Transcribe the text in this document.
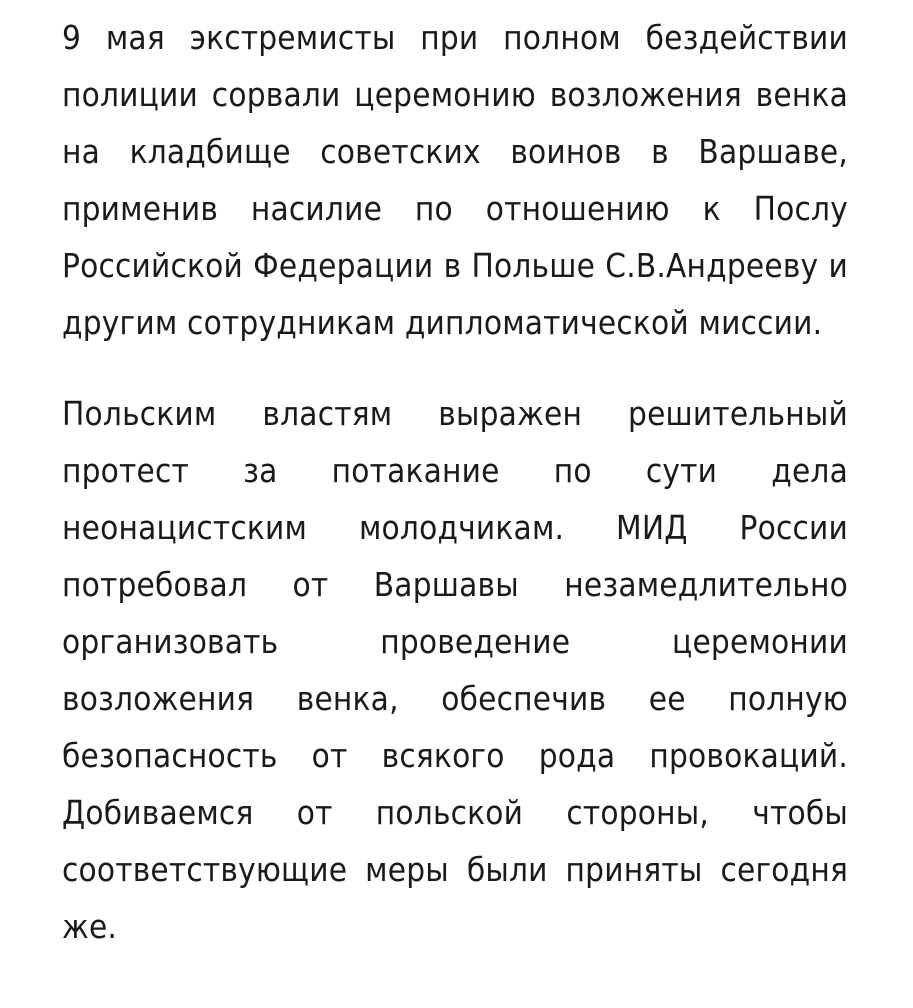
9 мая экстремисты при полном бездействии полиции сорвали церемонию возложения венка на кладбище советских воинов в Варшаве, применив насилие по отношению к Послу Российской Федерации в Польше С.В.Андрееву и другим сотрудникам дипломатической миссии.

Польским властям выражен решительный протест за потакание по сути дела неонацистским молодчикам. МИД России потребовал от Варшавы незамедлительно организовать проведение церемонии возложения венка, обеспечив ее полную безопасность от всякого рода провокаций. Добиваемся от польской стороны, чтобы соответствующие меры были приняты сегодня же.
